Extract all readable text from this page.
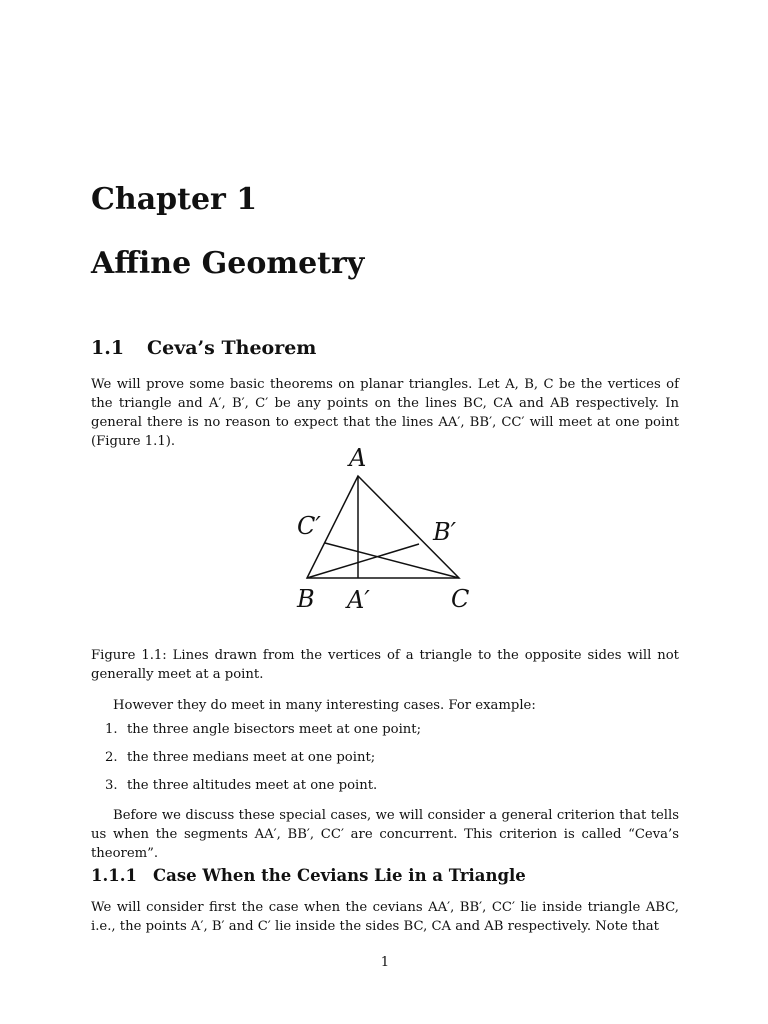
Chapter 1
Affine Geometry
1.1 Ceva’s Theorem
We will prove some basic theorems on planar triangles. Let A, B, C be the vertices of the triangle and A′, B′, C′ be any points on the lines BC, CA and AB respectively. In general there is no reason to expect that the lines AA′, BB′, CC′ will meet at one point (Figure 1.1).
A
C′	B′
B A′	C
Figure 1.1: Lines drawn from the vertices of a triangle to the opposite sides will not generally meet at a point.
However they do meet in many interesting cases. For example:
1. the three angle bisectors meet at one point;
2. the three medians meet at one point;
3. the three altitudes meet at one point.
Before we discuss these special cases, we will consider a general criterion that tells us when the segments AA′, BB′, CC′ are concurrent. This criterion is called “Ceva’s theorem”.
1.1.1 Case When the Cevians Lie in a Triangle
We will consider first the case when the cevians AA′, BB′, CC′ lie inside triangle ABC, i.e., the points A′, B′ and C′ lie inside the sides BC, CA and AB respectively. Note that
1
